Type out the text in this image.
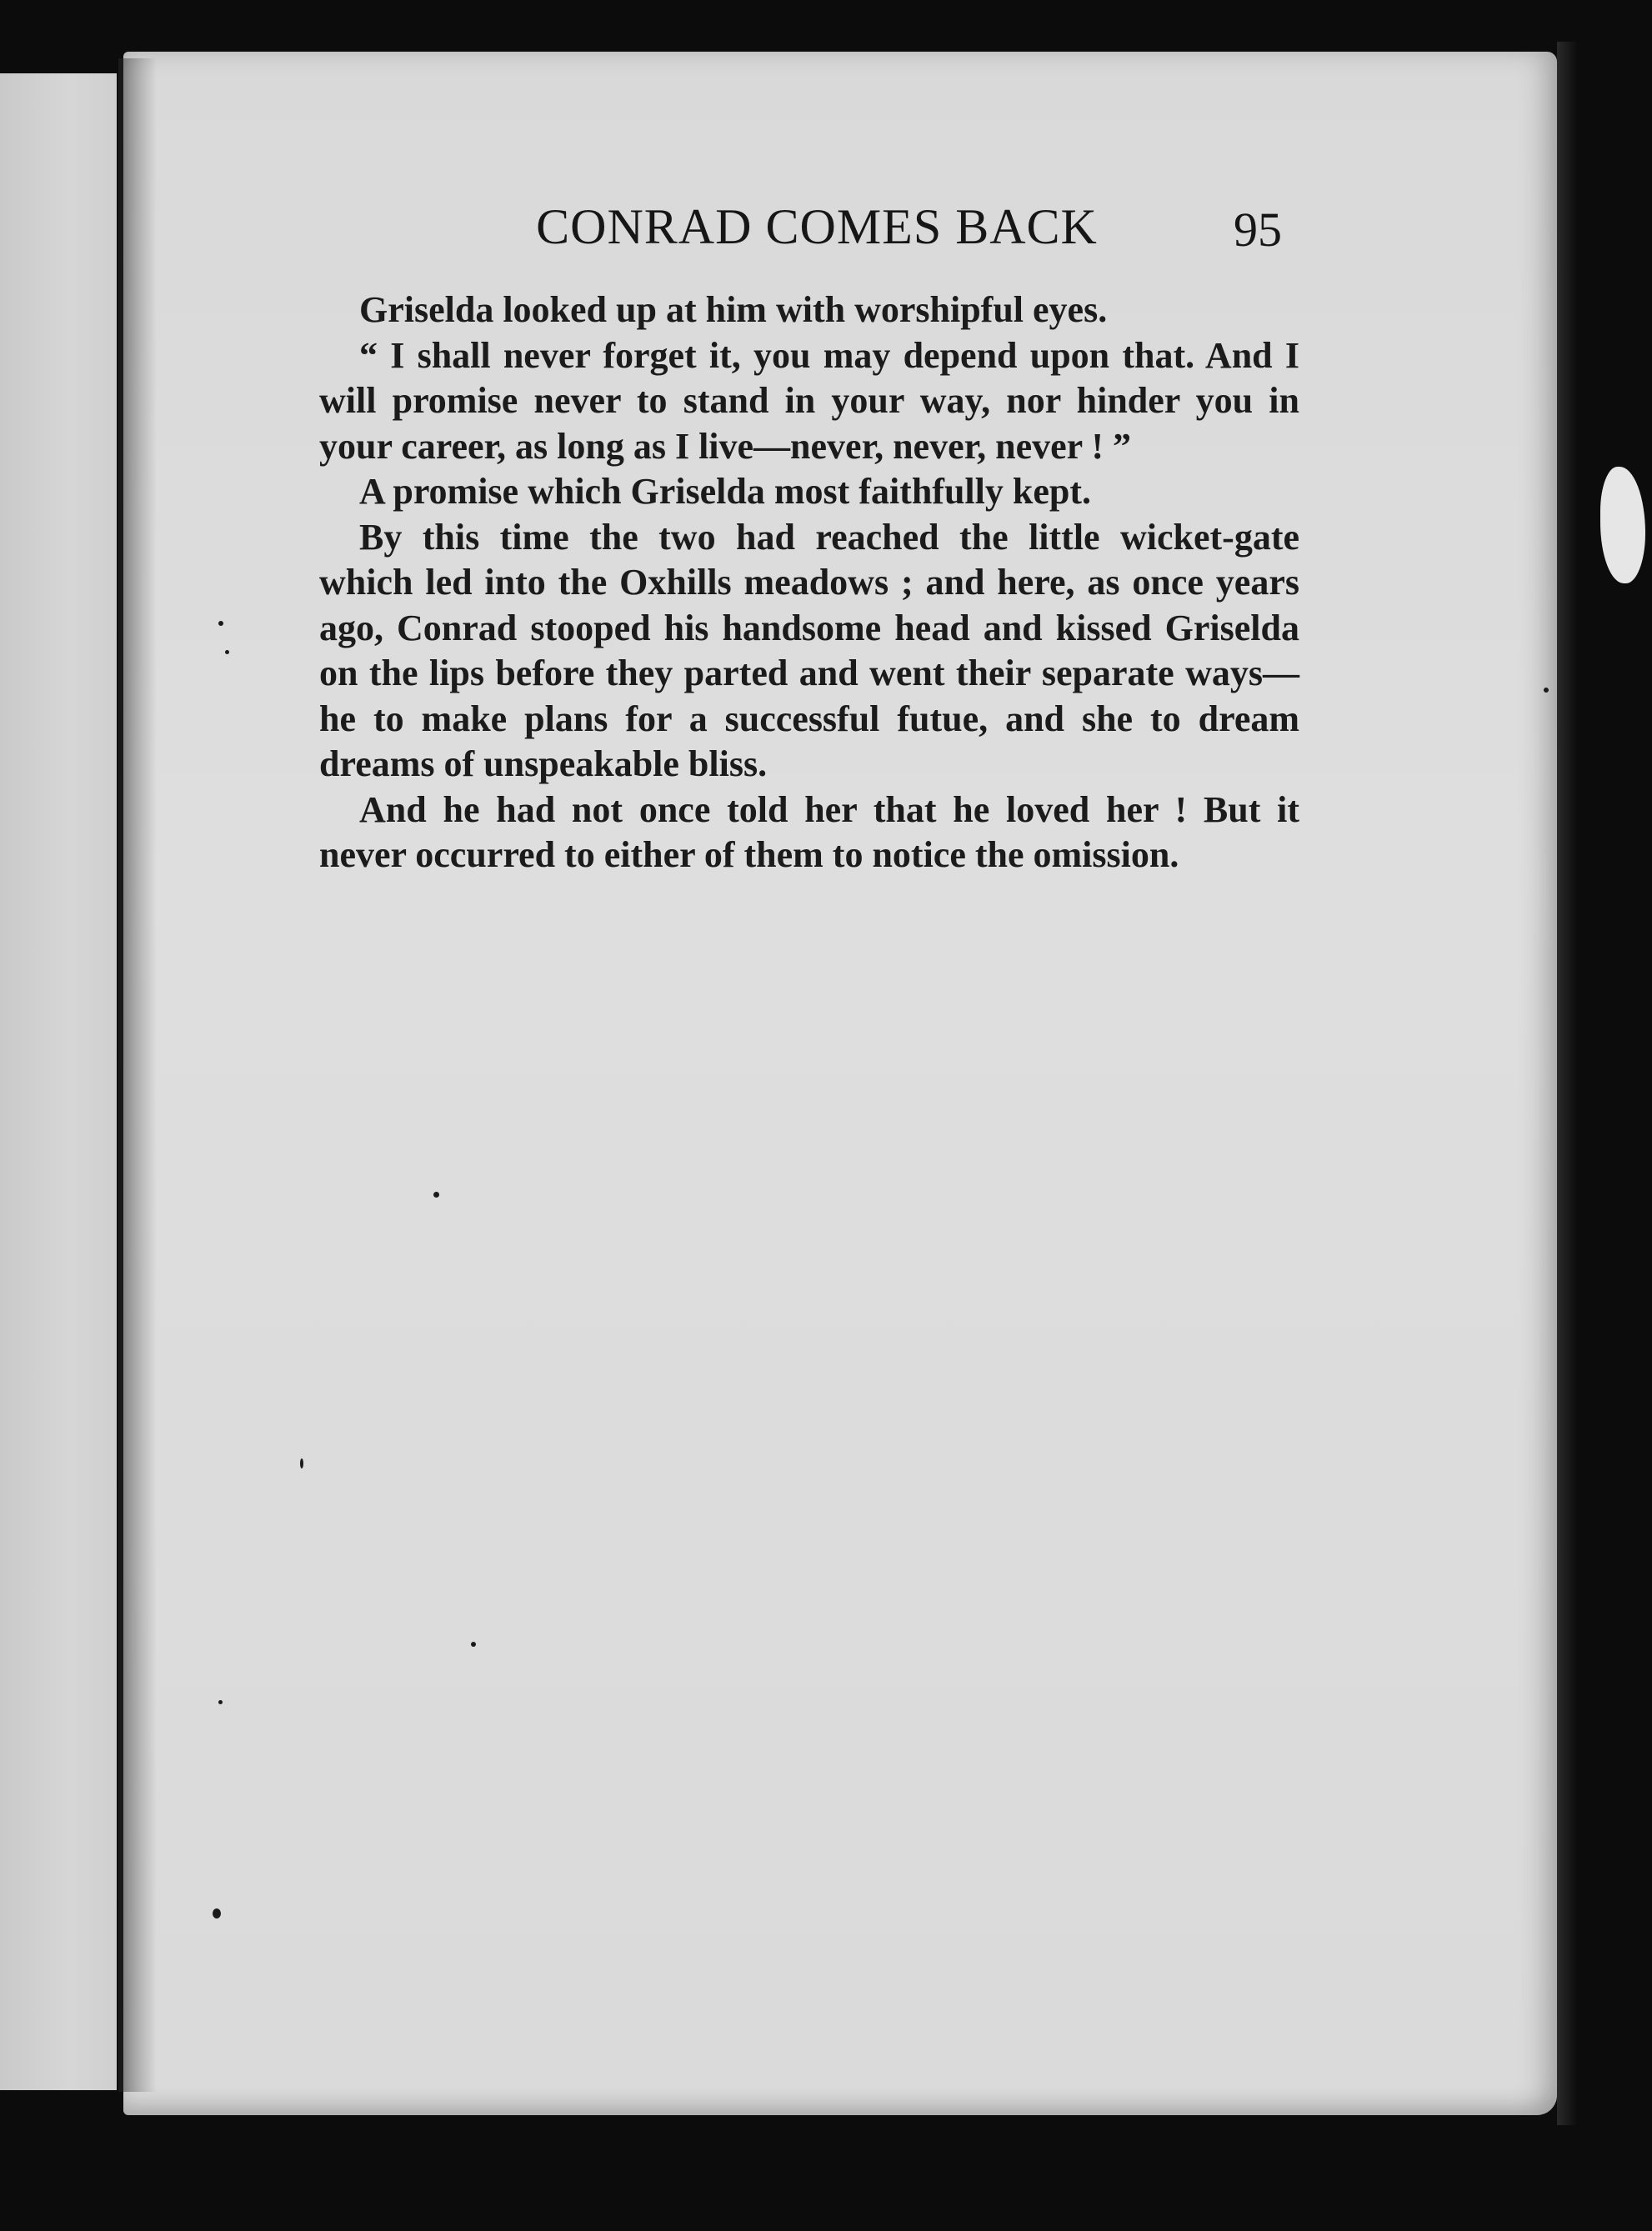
CONRAD COMES BACK	95

Griselda looked up at him with worshipful eyes.

“ I shall never forget it, you may depend upon that. And I will promise never to stand in your way, nor hinder you in your career, as long as I live—never, never, never ! ”

A promise which Griselda most faithfully kept.

By this time the two had reached the little wicket-gate which led into the Oxhills meadows ; and here, as once years ago, Conrad stooped his handsome head and kissed Griselda on the lips before they parted and went their separate ways—he to make plans for a successful futue, and she to dream dreams of unspeakable bliss.

And he had not once told her that he loved her ! But it never occurred to either of them to notice the omission.
